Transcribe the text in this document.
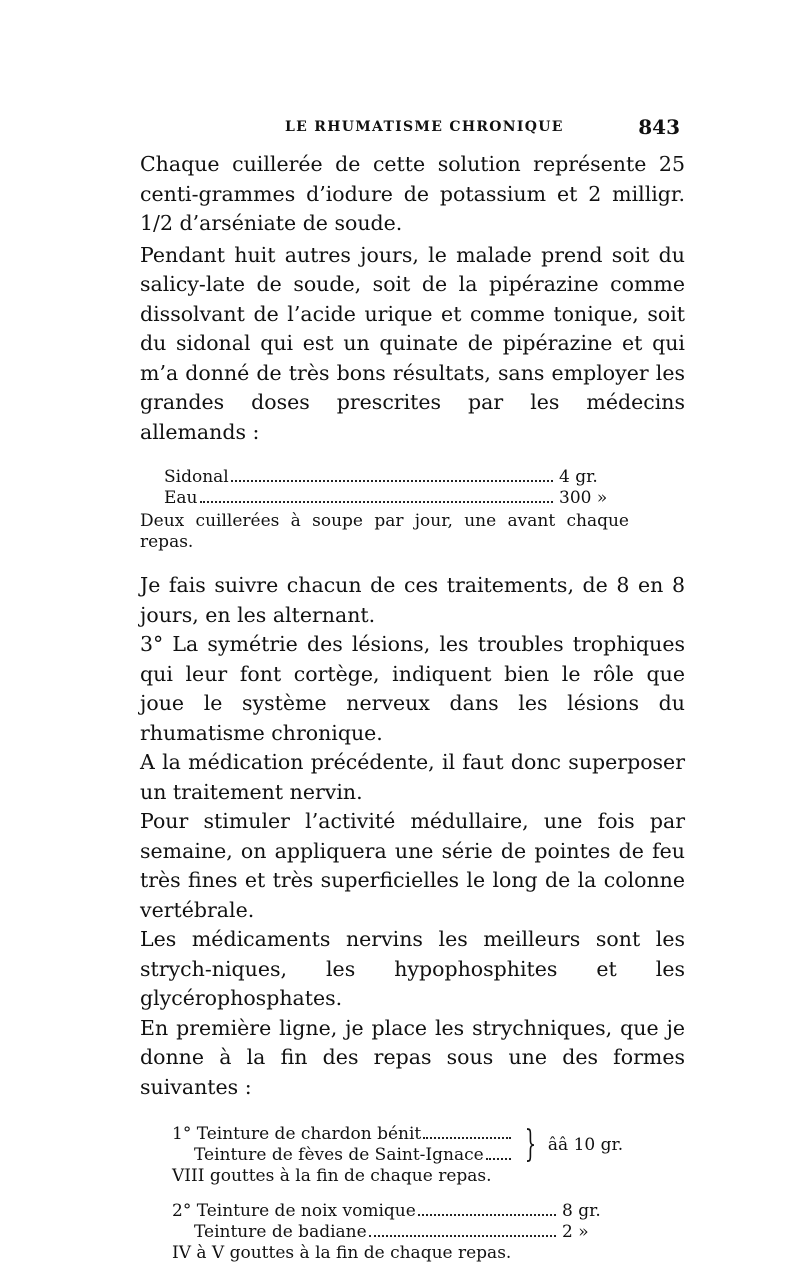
LE RHUMATISME CHRONIQUE	843

Chaque cuillerée de cette solution représente 25 centi-grammes d’iodure de potassium et 2 milligr. 1/2 d’arséniate de soude.

Pendant huit autres jours, le malade prend soit du salicy-late de soude, soit de la pipérazine comme dissolvant de l’acide urique et comme tonique, soit du sidonal qui est un quinate de pipérazine et qui m’a donné de très bons résultats, sans employer les grandes doses prescrites par les médecins allemands :

Sidonal	4 gr.
Eau	300 »
Deux cuillerées à soupe par jour, une avant chaque repas.

Je fais suivre chacun de ces traitements, de 8 en 8 jours, en les alternant.

3° La symétrie des lésions, les troubles trophiques qui leur font cortège, indiquent bien le rôle que joue le système nerveux dans les lésions du rhumatisme chronique.

A la médication précédente, il faut donc superposer un traitement nervin.

Pour stimuler l’activité médullaire, une fois par semaine, on appliquera une série de pointes de feu très fines et très superficielles le long de la colonne vertébrale.

Les médicaments nervins les meilleurs sont les strych-niques, les hypophosphites et les glycérophosphates.

En première ligne, je place les strychniques, que je donne à la fin des repas sous une des formes suivantes :

1° Teinture de chardon bénit
Teinture de fèves de Saint-Ignace } ââ 10 gr.
VIII gouttes à la fin de chaque repas.
2° Teinture de noix vomique	8 gr.
Teinture de badiane	2 »
IV à V gouttes à la fin de chaque repas.
